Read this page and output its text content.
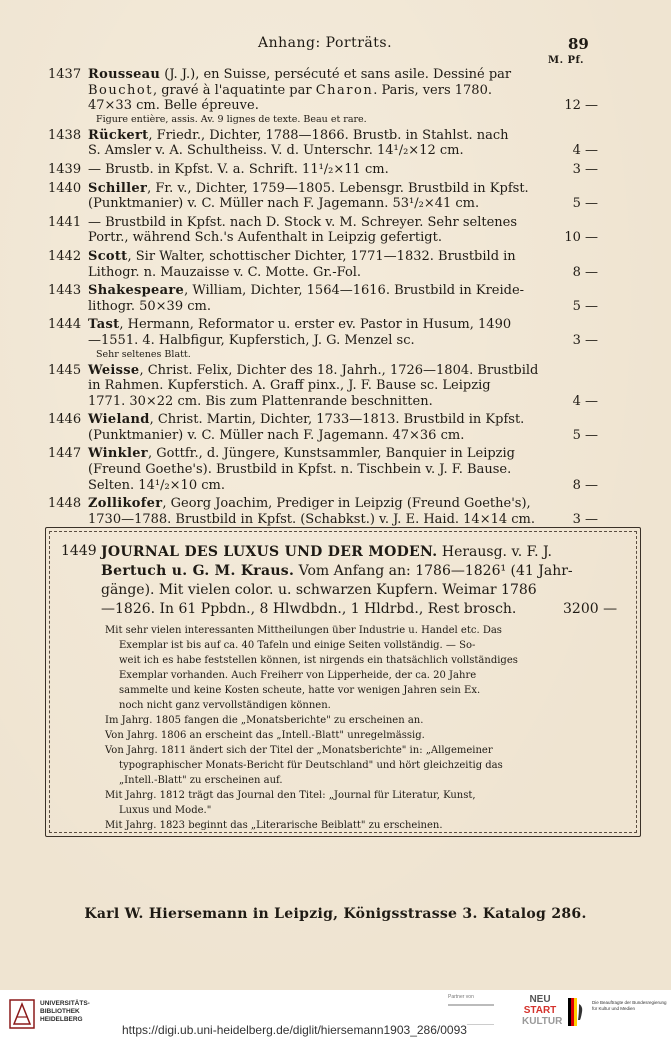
Anhang: Porträts.	89
M. Pf.
1437 Rousseau (J. J.), en Suisse, persécuté et sans asile. Dessiné par
Bouchot, gravé à l'aquatinte par Charon. Paris, vers 1780.
47×33 cm. Belle épreuve.	12 —
Figure entière, assis. Av. 9 lignes de texte. Beau et rare.
1438 Rückert, Friedr., Dichter, 1788—1866. Brustb. in Stahlst. nach
S. Amsler v. A. Schultheiss. V. d. Unterschr. 14¹/₂×12 cm.	4 —
1439 — Brustb. in Kpfst. V. a. Schrift. 11¹/₂×11 cm.	3 —
1440 Schiller, Fr. v., Dichter, 1759—1805. Lebensgr. Brustbild in Kpfst.
(Punktmanier) v. C. Müller nach F. Jagemann. 53¹/₂×41 cm.	5 —
1441 — Brustbild in Kpfst. nach D. Stock v. M. Schreyer. Sehr seltenes
Portr., während Sch.'s Aufenthalt in Leipzig gefertigt.	10 —
1442 Scott, Sir Walter, schottischer Dichter, 1771—1832. Brustbild in
Lithogr. n. Mauzaisse v. C. Motte. Gr.-Fol.	8 —
1443 Shakespeare, William, Dichter, 1564—1616. Brustbild in Kreide-
lithogr. 50×39 cm.	5 —
1444 Tast, Hermann, Reformator u. erster ev. Pastor in Husum, 1490
—1551. 4. Halbfigur, Kupferstich, J. G. Menzel sc.	3 —
Sehr seltenes Blatt.
1445 Weisse, Christ. Felix, Dichter des 18. Jahrh., 1726—1804. Brustbild
in Rahmen. Kupferstich. A. Graff pinx., J. F. Bause sc. Leipzig
1771. 30×22 cm. Bis zum Plattenrande beschnitten.	4 —
1446 Wieland, Christ. Martin, Dichter, 1733—1813. Brustbild in Kpfst.
(Punktmanier) v. C. Müller nach F. Jagemann. 47×36 cm.	5 —
1447 Winkler, Gottfr., d. Jüngere, Kunstsammler, Banquier in Leipzig
(Freund Goethe's). Brustbild in Kpfst. n. Tischbein v. J. F. Bause.
Selten. 14¹/₂×10 cm.	8 —
1448 Zollikofer, Georg Joachim, Prediger in Leipzig (Freund Goethe's),
1730—1788. Brustbild in Kpfst. (Schabkst.) v. J. E. Haid. 14×14 cm.	3 —
1449 JOURNAL DES LUXUS UND DER MODEN. Herausg. v. F. J.
Bertuch u. G. M. Kraus. Vom Anfang an: 1786—1826¹ (41 Jahr-
gänge). Mit vielen color. u. schwarzen Kupfern. Weimar 1786
—1826. In 61 Ppbdn., 8 Hlwdbdn., 1 Hldrbd., Rest brosch.	3200 —
Mit sehr vielen interessanten Mittheilungen über Industrie u. Handel etc. Das
Exemplar ist bis auf ca. 40 Tafeln und einige Seiten vollständig. — So-
weit ich es habe feststellen können, ist nirgends ein thatsächlich vollständiges
Exemplar vorhanden. Auch Freiherr von Lipperheide, der ca. 20 Jahre
sammelte und keine Kosten scheute, hatte vor wenigen Jahren sein Ex.
noch nicht ganz vervollständigen können.
Im Jahrg. 1805 fangen die „Monatsberichte" zu erscheinen an.
Von Jahrg. 1806 an erscheint das „Intell.-Blatt" unregelmässig.
Von Jahrg. 1811 ändert sich der Titel der „Monatsberichte" in: „Allgemeiner
typographischer Monats-Bericht für Deutschland" und hört gleichzeitig das
„Intell.-Blatt" zu erscheinen auf.
Mit Jahrg. 1812 trägt das Journal den Titel: „Journal für Literatur, Kunst,
Luxus und Mode."
Mit Jahrg. 1823 beginnt das „Literarische Beiblatt" zu erscheinen.
Karl W. Hiersemann in Leipzig, Königsstrasse 3. Katalog 286.
UNIVERSITÄTS-
BIBLIOTHEK
HEIDELBERG
Partner von	NEU
START
KULTUR
Die Beauftragte der Bundesregierung für Kultur und Medien
https://digi.ub.uni-heidelberg.de/diglit/hiersemann1903_286/0093
